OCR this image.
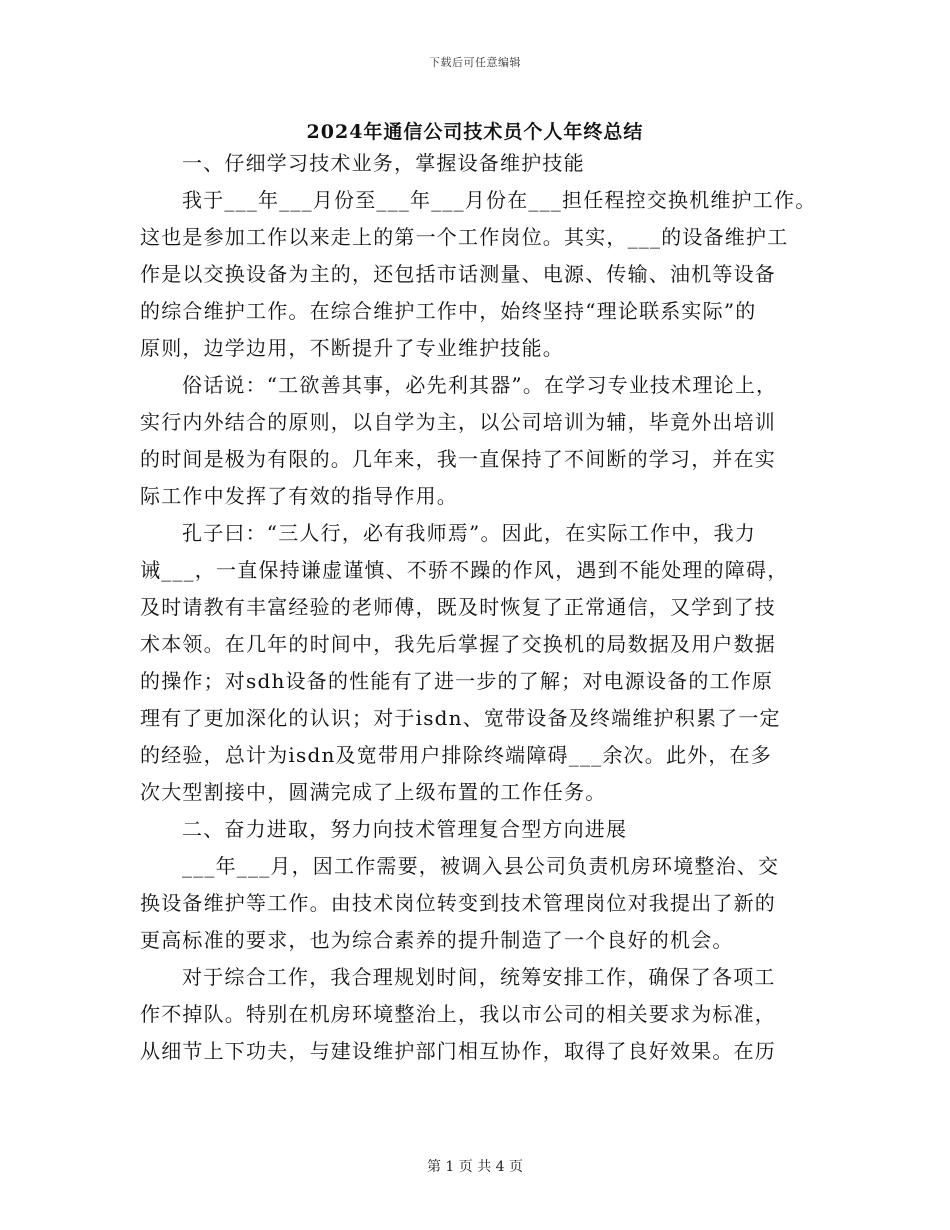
下载后可任意编辑
2024年通信公司技术员个人年终总结
一、仔细学习技术业务，掌握设备维护技能
我于___年___月份至___年___月份在___担任程控交换机维护工作。
这也是参加工作以来走上的第一个工作岗位。其实，___的设备维护工
作是以交换设备为主的，还包括市话测量、电源、传输、油机等设备
的综合维护工作。在综合维护工作中，始终坚持“理论联系实际”的
原则，边学边用，不断提升了专业维护技能。
俗话说：“工欲善其事，必先利其器”。在学习专业技术理论上，
实行内外结合的原则，以自学为主，以公司培训为辅，毕竟外出培训
的时间是极为有限的。几年来，我一直保持了不间断的学习，并在实
际工作中发挥了有效的指导作用。
孔子曰：“三人行，必有我师焉”。因此，在实际工作中，我力
诫___，一直保持谦虚谨慎、不骄不躁的作风，遇到不能处理的障碍，
及时请教有丰富经验的老师傅，既及时恢复了正常通信，又学到了技
术本领。在几年的时间中，我先后掌握了交换机的局数据及用户数据
的操作；对sdh设备的性能有了进一步的了解；对电源设备的工作原
理有了更加深化的认识；对于isdn、宽带设备及终端维护积累了一定
的经验，总计为isdn及宽带用户排除终端障碍___余次。此外，在多
次大型割接中，圆满完成了上级布置的工作任务。
二、奋力进取，努力向技术管理复合型方向进展
___年___月，因工作需要，被调入县公司负责机房环境整治、交
换设备维护等工作。由技术岗位转变到技术管理岗位对我提出了新的
更高标准的要求，也为综合素养的提升制造了一个良好的机会。
对于综合工作，我合理规划时间，统筹安排工作，确保了各项工
作不掉队。特别在机房环境整治上，我以市公司的相关要求为标准，
从细节上下功夫，与建设维护部门相互协作，取得了良好效果。在历
第 1 页 共 4 页
